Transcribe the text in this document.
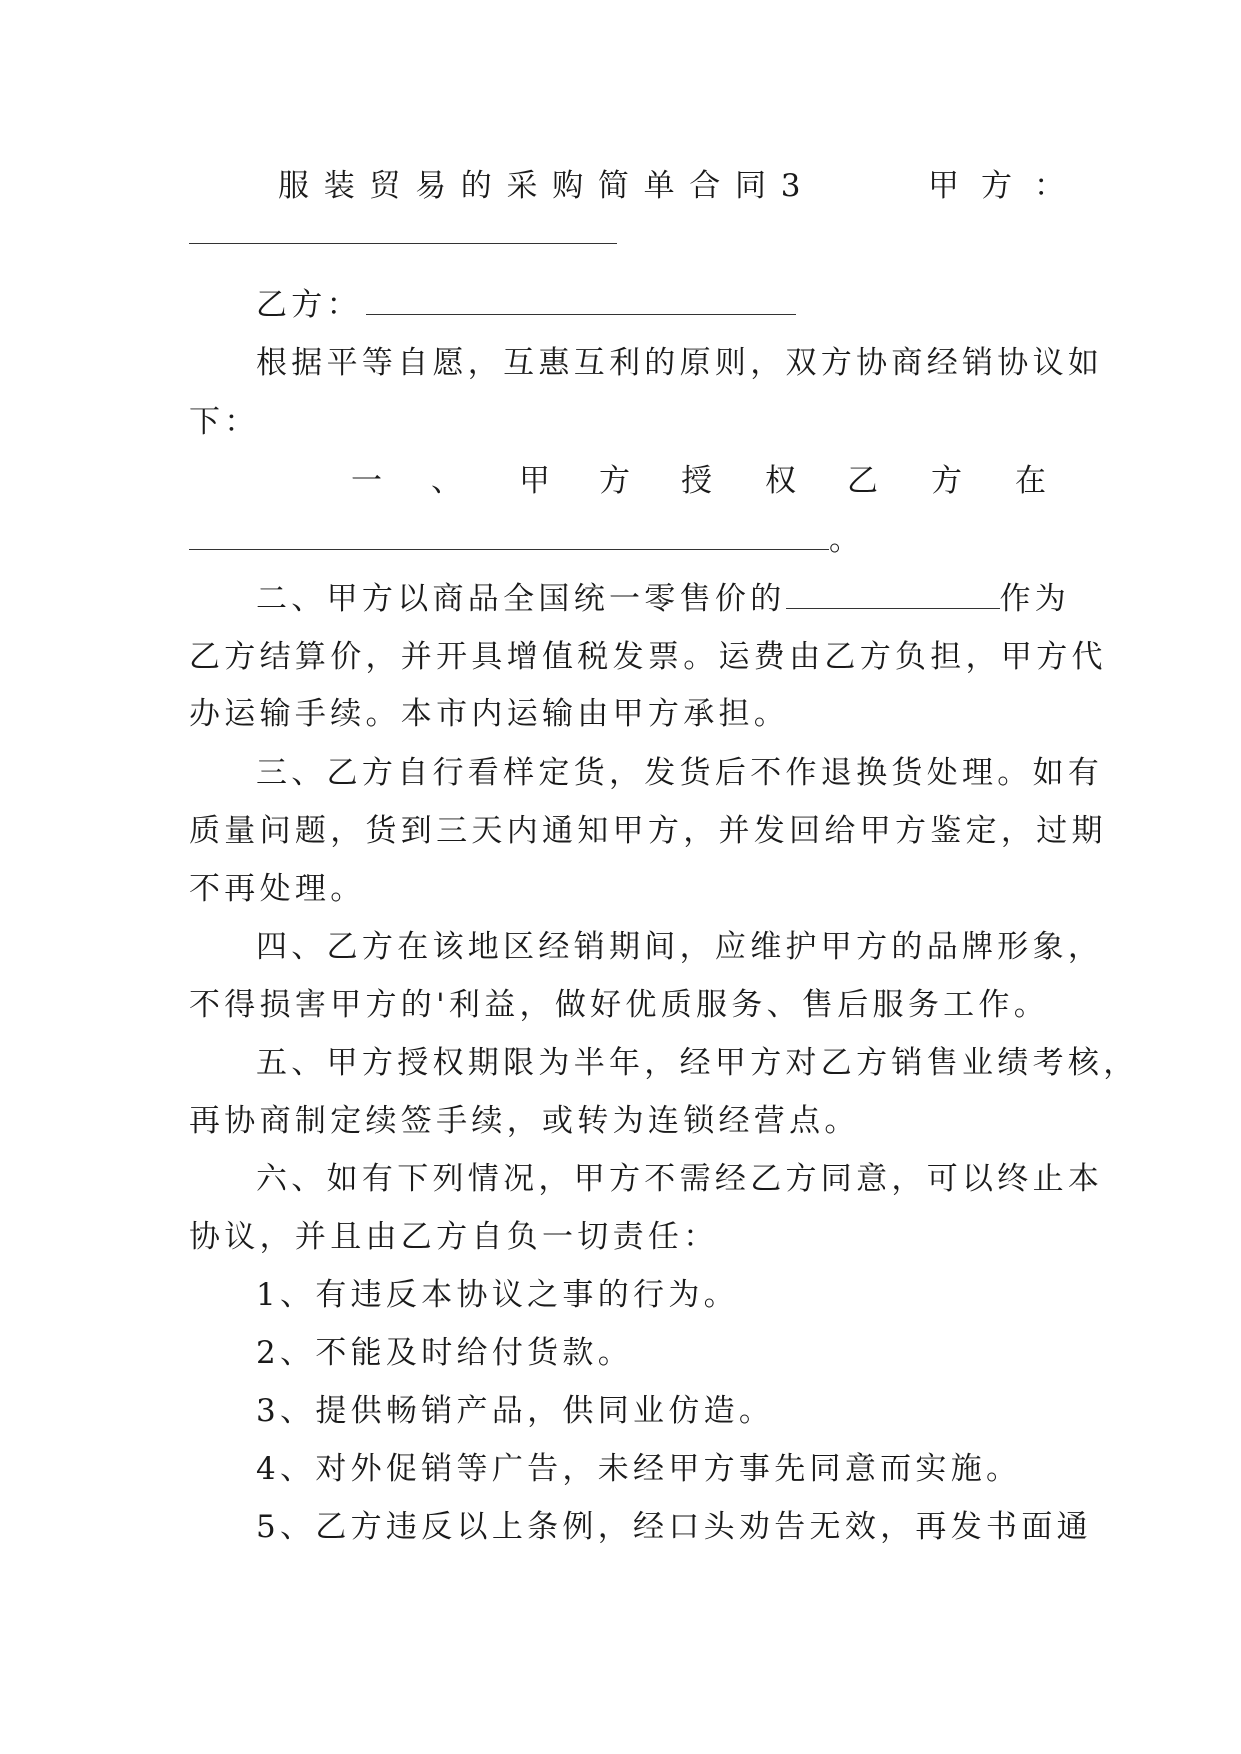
服装贸易的采购简单合同3	甲方：
乙方：
根据平等自愿，互惠互利的原则，双方协商经销协议如
下：
一 、 甲 方 授 权 乙 方 在
。
二、甲方以商品全国统一零售价的	作为
乙方结算价，并开具增值税发票。运费由乙方负担，甲方代
办运输手续。本市内运输由甲方承担。
三、乙方自行看样定货，发货后不作退换货处理。如有
质量问题，货到三天内通知甲方，并发回给甲方鉴定，过期
不再处理。
四、乙方在该地区经销期间，应维护甲方的品牌形象，
不得损害甲方的'利益，做好优质服务、售后服务工作。
五、甲方授权期限为半年，经甲方对乙方销售业绩考核，
再协商制定续签手续，或转为连锁经营点。
六、如有下列情况，甲方不需经乙方同意，可以终止本
协议，并且由乙方自负一切责任：
1、有违反本协议之事的行为。
2、不能及时给付货款。
3、提供畅销产品，供同业仿造。
4、对外促销等广告，未经甲方事先同意而实施。
5、乙方违反以上条例，经口头劝告无效，再发书面通
